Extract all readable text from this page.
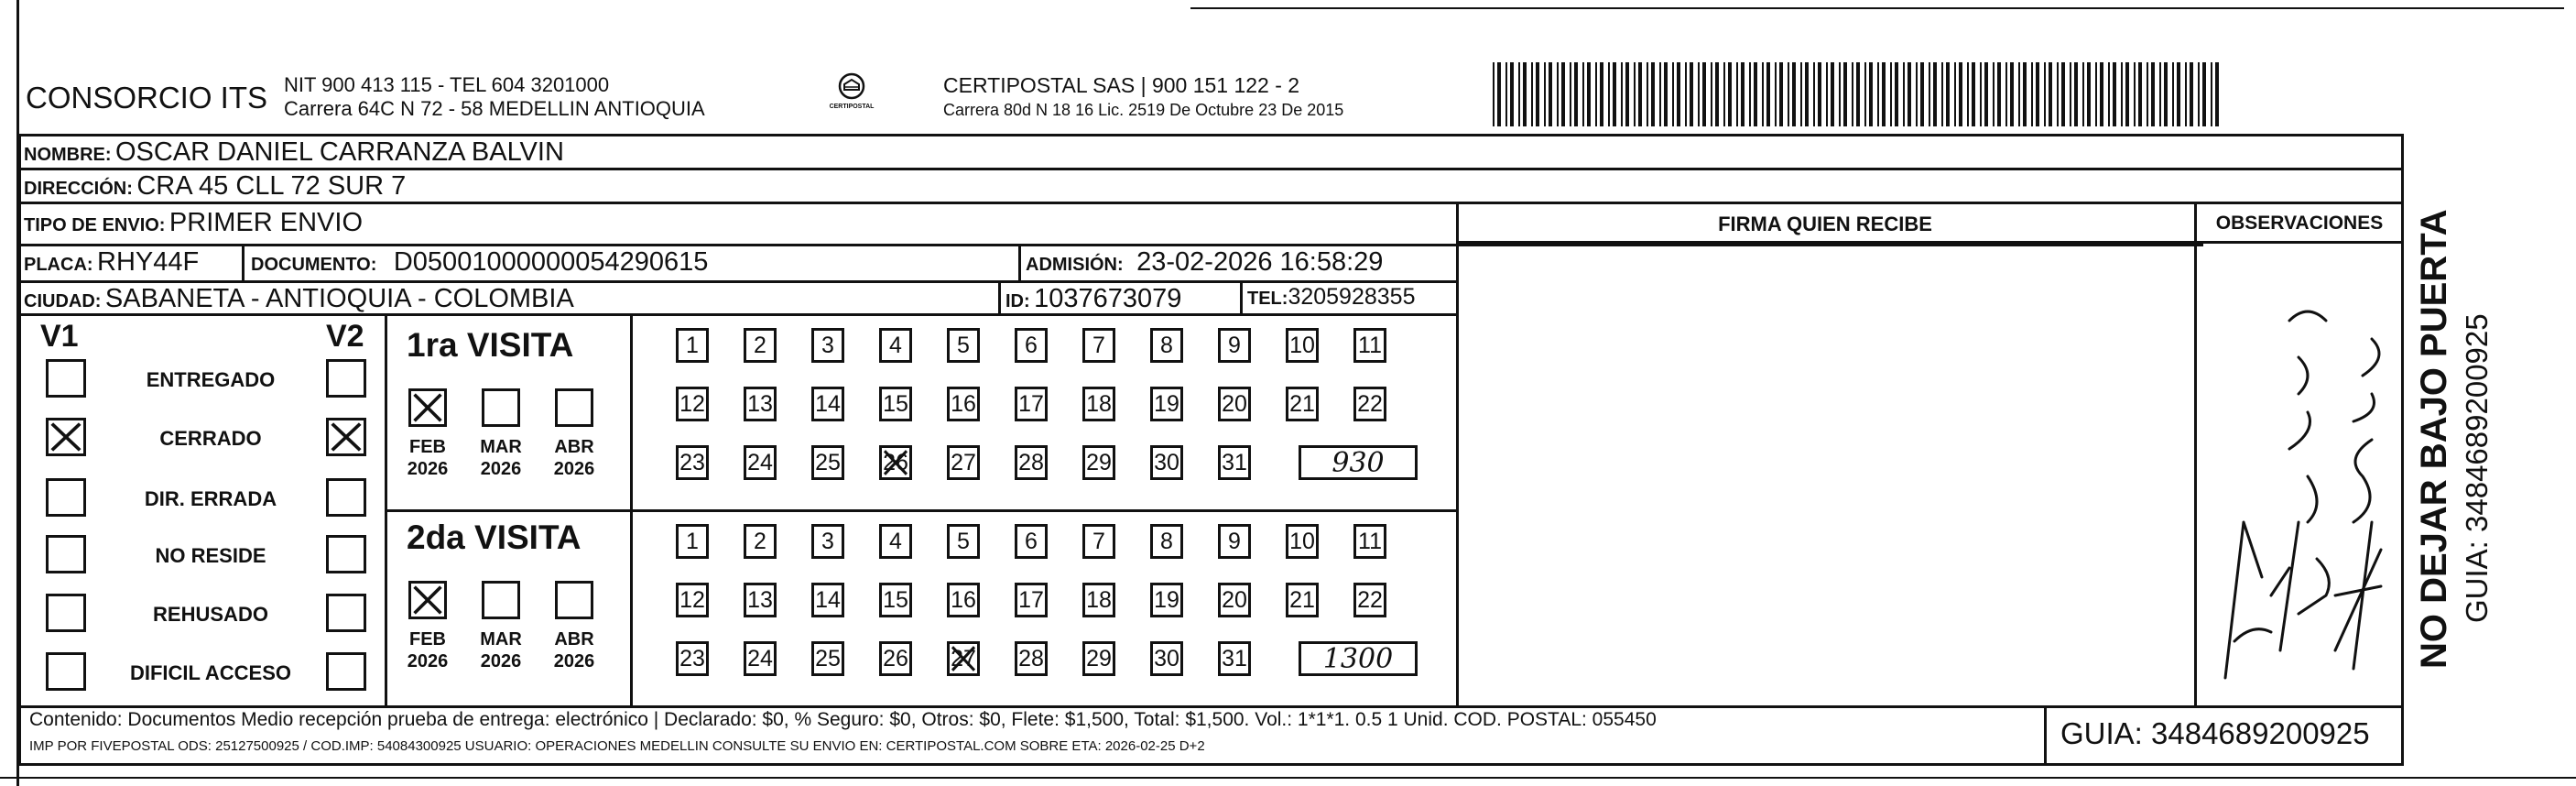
CONSORCIO ITS NIT 900 413 115 - TEL 604 3201000
Carrera 64C N 72 - 58 MEDELLIN ANTIOQUIA	CERTIPOSTAL
CERTIPOSTAL SAS | 900 151 122 - 2
Carrera 80d N 18 16 Lic. 2519 De Octubre 23 De 2015
NOMBRE: OSCAR DANIEL CARRANZA BALVIN
DIRECCIÓN: CRA 45 CLL 72 SUR 7
TIPO DE ENVIO: PRIMER ENVIO
PLACA: RHY44F	DOCUMENTO: D05001000000054290615	ADMISIÓN: 23-02-2026 16:58:29
CIUDAD: SABANETA - ANTIOQUIA - COLOMBIA	ID: 1037673079	TEL:3205928355
FIRMA QUIEN RECIBE	OBSERVACIONES NO DEJAR BAJO PUERTA GUIA: 3484689200925
V1	V2
ENTREGADO
CERRADO
DIR. ERRADA
NO RESIDE
REHUSADO
DIFICIL ACCESO
1ra VISITA
2da VISITA
FEB
2026
MAR
2026
ABR
2026
FEB
2026
MAR
2026
ABR
2026
1	2	3	4	5	6	7	8	9	10 11
12 13 14 15 16 17 18 19 20 21 22
23 24 25 26 27 28 29 30 31	930
1	2	3	4	5	6	7	8	9	10 11
12 13 14 15 16 17 18 19 20 21 22
23 24 25 26 27 28 29 30 31	1300
Contenido: Documentos Medio recepción prueba de entrega: electrónico | Declarado: $0, % Seguro: $0, Otros: $0, Flete: $1,500, Total: $1,500. Vol.: 1*1*1. 0.5 1 Unid. COD. POSTAL: 055450
IMP POR FIVEPOSTAL ODS: 25127500925 / COD.IMP: 54084300925 USUARIO: OPERACIONES MEDELLIN CONSULTE SU ENVIO EN: CERTIPOSTAL.COM SOBRE ETA: 2026-02-25 D+2	GUIA: 3484689200925
